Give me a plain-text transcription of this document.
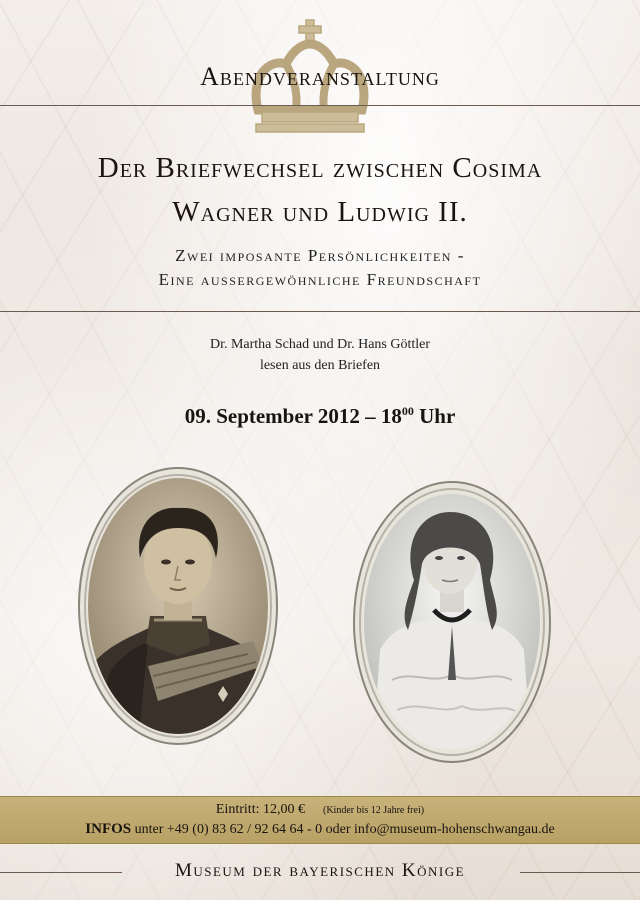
Abendveranstaltung
Der Briefwechsel zwischen Cosima
Wagner und Ludwig II.
Zwei imposante Persönlichkeiten -
Eine aussergewöhnliche Freundschaft
Dr. Martha Schad und Dr. Hans Göttler
lesen aus den Briefen
09. September $2012 - 18^{00}$ Uhr
Eintritt: 12,00 € (Kinder bis 12 Jahre frei)
INFOS unter +49 (0) 83 62 / 92 64 64 - 0 oder info@museum-hohenschwangau.de
Museum der bayerischen Könige
